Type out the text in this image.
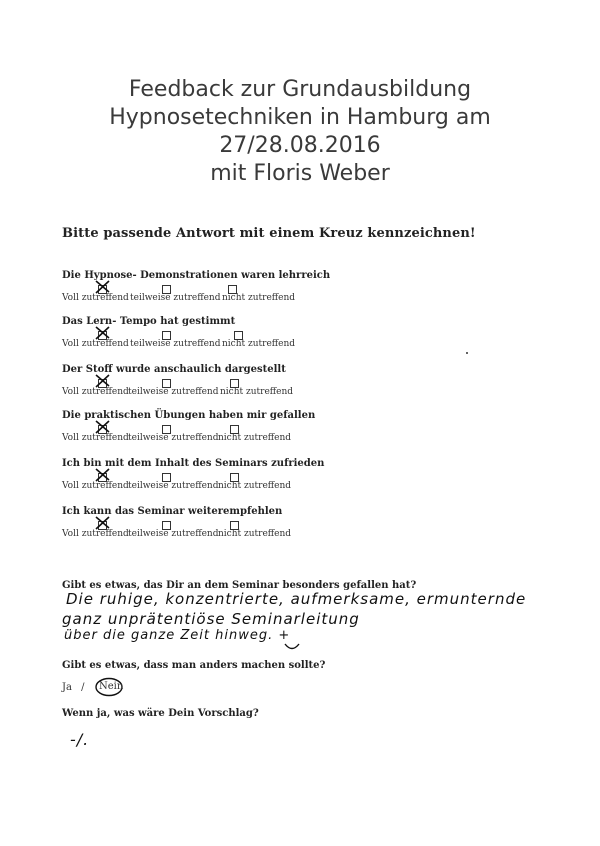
Feedback zur Grundausbildung
Hypnosetechniken in Hamburg am
27/28.08.2016
mit Floris Weber
Bitte passende Antwort mit einem Kreuz kennzeichnen!
Die Hypnose- Demonstrationen waren lehrreich
Voll zutreffend teilweise zutreffend nicht zutreffend
Das Lern- Tempo hat gestimmt
Voll zutreffend teilweise zutreffend nicht zutreffend
Der Stoff wurde anschaulich dargestellt
Voll zutreffend teilweise zutreffend nicht zutreffend
Die praktischen Übungen haben mir gefallen
Voll zutreffend teilweise zutreffend nicht zutreffend
Ich bin mit dem Inhalt des Seminars zufrieden
Voll zutreffend teilweise zutreffend nicht zutreffend
Ich kann das Seminar weiterempfehlen
Voll zutreffend teilweise zutreffend nicht zutreffend
Gibt es etwas, das Dir an dem Seminar besonders gefallen hat?
Die ruhige, konzentrierte, aufmerksame, ermunternde
ganz unprätentiöse Seminarleitung
über die ganze Zeit hinweg. +
Gibt es etwas, dass man anders machen sollte?
Ja / Nein
Wenn ja, was wäre Dein Vorschlag?
-/.
